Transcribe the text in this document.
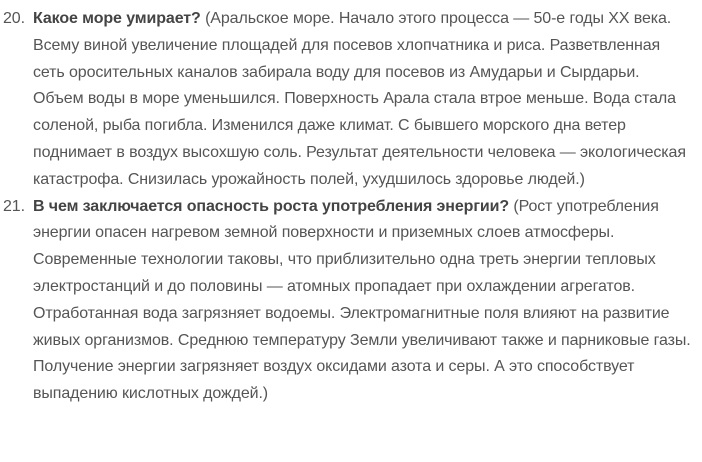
20. Какое море умирает? (Аральское море. Начало этого процесса — 50-е годы XX века. Всему виной увеличение площадей для посевов хлопчатника и риса. Разветвленная сеть оросительных каналов забирала воду для посевов из Амударьи и Сырдарьи. Объем воды в море уменьшился. Поверхность Арала стала втрое меньше. Вода стала соленой, рыба погибла. Изменился даже климат. С бывшего морского дна ветер поднимает в воздух высохшую соль. Результат деятельности человека — экологическая катастрофа. Снизилась урожайность полей, ухудшилось здоровье людей.)
21. В чем заключается опасность роста употребления энергии? (Рост употребления энергии опасен нагревом земной поверхности и приземных слоев атмосферы. Современные технологии таковы, что приблизительно одна треть энергии тепловых электростанций и до половины — атомных пропадает при охлаждении агрегатов. Отработанная вода загрязняет водоемы. Электромагнитные поля влияют на развитие живых организмов. Среднюю температуру Земли увеличивают также и парниковые газы. Получение энергии загрязняет воздух оксидами азота и серы. А это способствует выпадению кислотных дождей.)
